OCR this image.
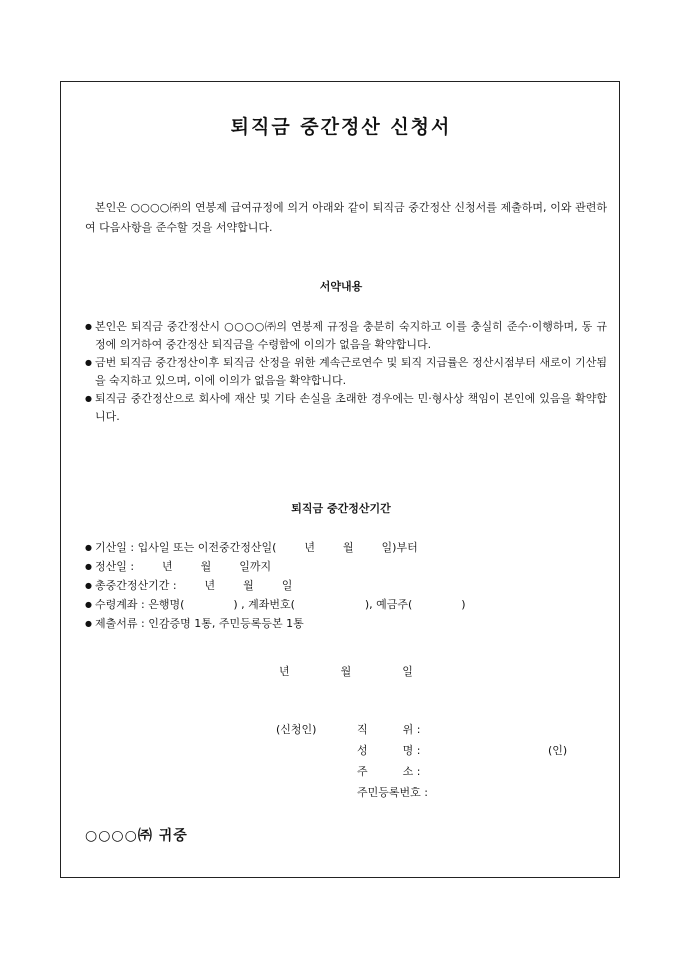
퇴직금 중간정산 신청서
본인은 ○○○○㈜의 연봉제 급여규정에 의거 아래와 같이 퇴직금 중간정산 신청서를 제출하며, 이와 관련하여 다음사항을 준수할 것을 서약합니다.
서약내용
● 본인은 퇴직금 중간정산시 ○○○○㈜의 연봉제 규정을 충분히 숙지하고 이를 충실히 준수·이행하며, 동 규정에 의거하여 중간정산 퇴직금을 수령함에 이의가 없음을 확약합니다.
● 금번 퇴직금 중간정산이후 퇴직금 산정을 위한 계속근로연수 및 퇴직 지급률은 정산시점부터 새로이 기산됨을 숙지하고 있으며, 이에 이의가 없음을 확약합니다.
● 퇴직금 중간정산으로 회사에 재산 및 기타 손실을 초래한 경우에는 민·형사상 책임이 본인에 있음을 확약합니다.
퇴직금 중간정산기간
● 기산일 : 입사일 또는 이전중간정산일(        년        월        일)부터
● 정산일 :        년        월        일까지
● 총중간정산기간 :        년        월        일
● 수령계좌 : 은행명(              ) , 계좌번호(                    ), 예금주(              )
● 제출서류 : 인감증명 1통, 주민등록등본 1통
년	월	일
(신청인)	직          위 :
성          명 :	(인)
주          소 :
주민등록번호 :
○○○○㈜ 귀중
